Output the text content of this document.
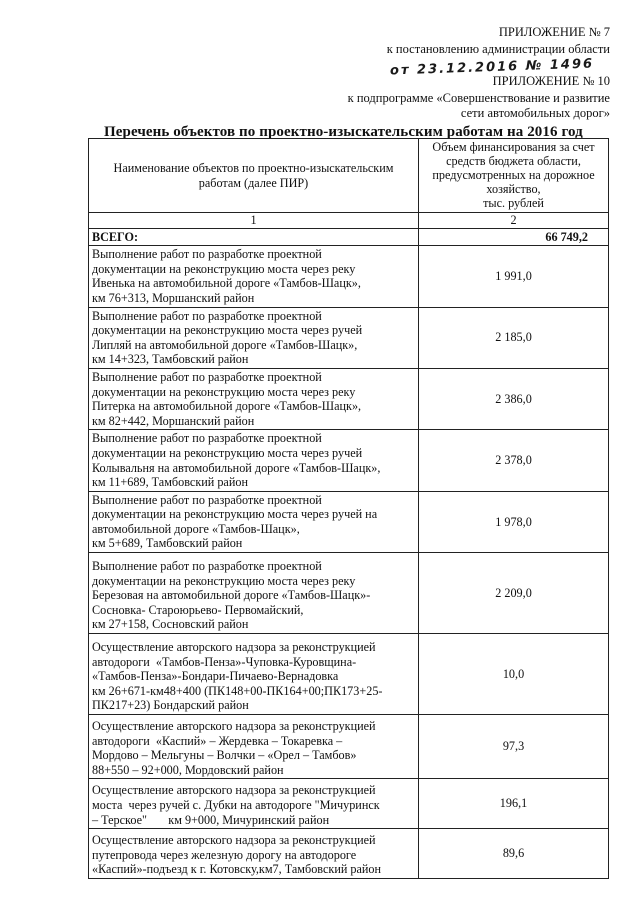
ПРИЛОЖЕНИЕ № 7
к постановлению администрации области
от 23.12.2016 № 1496
ПРИЛОЖЕНИЕ № 10
к подпрограмме «Совершенствование и развитие
сети автомобильных дорог»
Перечень объектов по проектно-изыскательским работам на 2016 год
Наименование объектов по проектно-изыскательским работам (далее ПИР)	Объем финансирования за счет
средств бюджета области,
предусмотренных на дорожное
хозяйство,
тыс. рублей

1	2
ВСЕГО:	66 749,2

Выполнение работ по разработке проектной
документации на реконструкцию моста через реку
Ивенька на автомобильной дороге «Тамбов-Шацк»,
км 76+313, Моршанский район	1 991,0

Выполнение работ по разработке проектной
документации на реконструкцию моста через ручей
Липляй на автомобильной дороге «Тамбов-Шацк»,
км 14+323, Тамбовский район	2 185,0

Выполнение работ по разработке проектной
документации на реконструкцию моста через реку
Питерка на автомобильной дороге «Тамбов-Шацк»,
км 82+442, Моршанский район	2 386,0

Выполнение работ по разработке проектной
документации на реконструкцию моста через ручей
Колывальня на автомобильной дороге «Тамбов-Шацк»,
км 11+689, Тамбовский район	2 378,0

Выполнение работ по разработке проектной
документации на реконструкцию моста через ручей на
автомобильной дороге «Тамбов-Шацк»,
км 5+689, Тамбовский район	1 978,0

Выполнение работ по разработке проектной
документации на реконструкцию моста через реку
Березовая на автомобильной дороге «Тамбов-Шацк»-
Сосновка- Староюрьево- Первомайский,
км 27+158, Сосновский район	2 209,0

Осуществление авторского надзора за реконструкцией
автодороги  «Тамбов-Пенза»-Чуповка-Куровщина-
«Тамбов-Пенза»-Бондари-Пичаево-Вернадовка
км 26+671-км48+400 (ПК148+00-ПК164+00;ПК173+25-
ПК217+23) Бондарский район	10,0

Осуществление авторского надзора за реконструкцией
автодороги  «Каспий» – Жердевка – Токаревка –
Мордово – Мельгуны – Волчки – «Орел – Тамбов»
88+550 – 92+000, Мордовский район	97,3

Осуществление авторского надзора за реконструкцией
моста  через ручей с. Дубки на автодороге "Мичуринск
– Терское"       км 9+000, Мичуринский район	196,1

Осуществление авторского надзора за реконструкцией
путепровода через железную дорогу на автодороге
«Каспий»-подъезд к г. Котовску,км7, Тамбовский район	89,6
